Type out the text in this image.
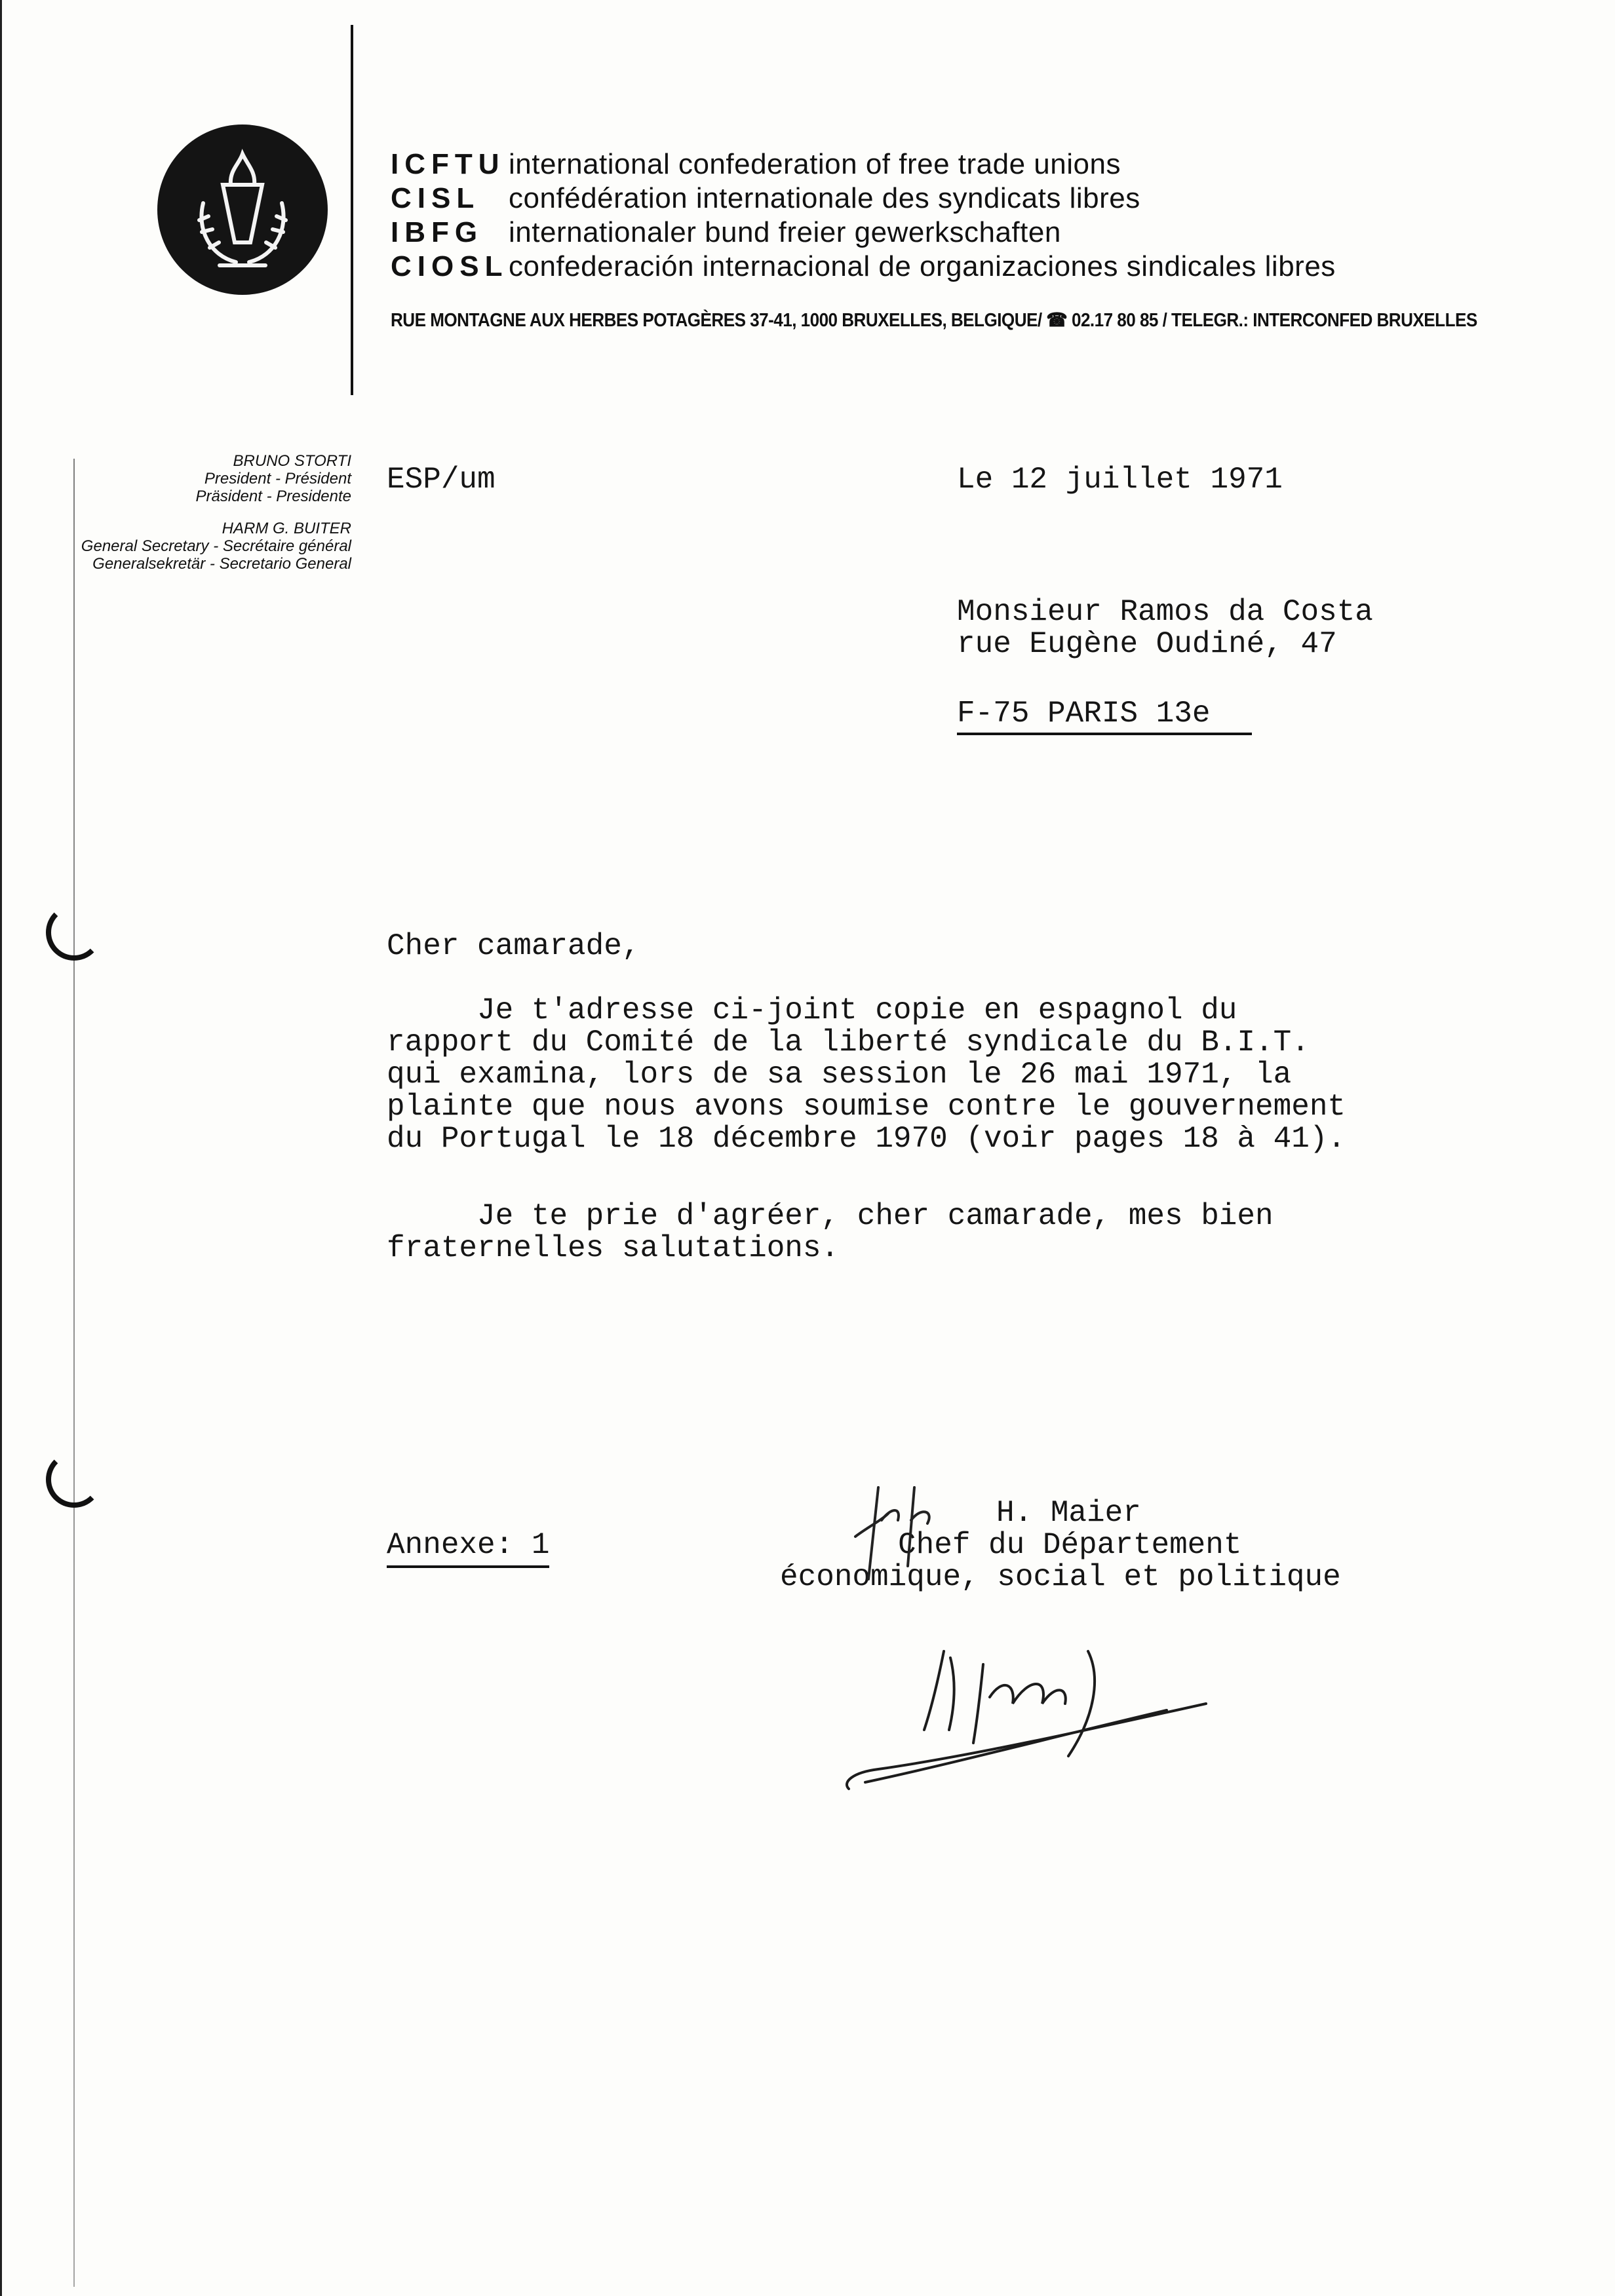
ICFTU international confederation of free trade unions
CISL confédération internationale des syndicats libres
IBFG internationaler bund freier gewerkschaften
CIOSL confederación internacional de organizaciones sindicales libres
RUE MONTAGNE AUX HERBES POTAGÈRES 37-41, 1000 BRUXELLES, BELGIQUE/ ☎ 02.17 80 85 / TELEGR.: INTERCONFED BRUXELLES
BRUNO STORTI
President - Président
Präsident - Presidente
HARM G. BUITER
General Secretary - Secrétaire général
Generalsekretär - Secretario General
ESP/um	Le 12 juillet 1971
Monsieur Ramos da Costa
rue Eugène Oudiné, 47
F-75 PARIS 13e
Cher camarade,
Je t'adresse ci-joint copie en espagnol du
rapport du Comité de la liberté syndicale du B.I.T.
qui examina, lors de sa session le 26 mai 1971, la
plainte que nous avons soumise contre le gouvernement
du Portugal le 18 décembre 1970 (voir pages 18 à 41).
Je te prie d'agréer, cher camarade, mes bien
fraternelles salutations.
Annexe: 1
H. Maier
Chef du Département
économique, social et politique
